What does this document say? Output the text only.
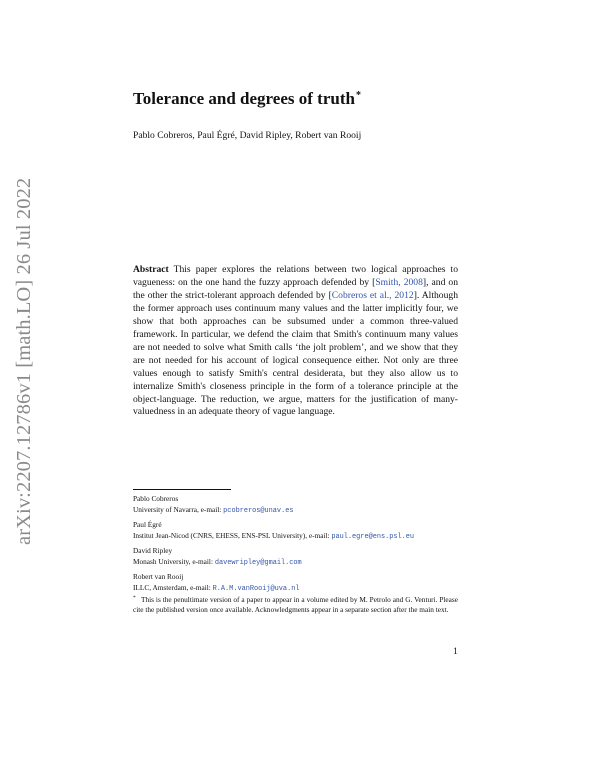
arXiv:2207.12786v1 [math.LO] 26 Jul 2022
Tolerance and degrees of truth*
Pablo Cobreros, Paul Égré, David Ripley, Robert van Rooij
Abstract This paper explores the relations between two logical approaches to vagueness: on the one hand the fuzzy approach defended by [Smith, 2008], and on the other the strict-tolerant approach defended by [Cobreros et al., 2012]. Although the former approach uses continuum many values and the latter implicitly four, we show that both approaches can be subsumed under a common three-valued framework. In particular, we defend the claim that Smith's continuum many values are not needed to solve what Smith calls ‘the jolt problem’, and we show that they are not needed for his account of logical consequence either. Not only are three values enough to satisfy Smith's central desiderata, but they also allow us to internalize Smith's closeness principle in the form of a tolerance principle at the object-language. The reduction, we argue, matters for the justification of many-valuedness in an adequate theory of vague language.
Pablo Cobreros
University of Navarra, e-mail: pcobreros@unav.es
Paul Égré
Institut Jean-Nicod (CNRS, EHESS, ENS-PSL University), e-mail: paul.egre@ens.psl.eu
David Ripley
Monash University, e-mail: davewripley@gmail.com
Robert van Rooij
ILLC, Amsterdam, e-mail: R.A.M.vanRooij@uva.nl
* This is the penultimate version of a paper to appear in a volume edited by M. Petrolo and G. Venturi. Please cite the published version once available. Acknowledgments appear in a separate section after the main text.
1
